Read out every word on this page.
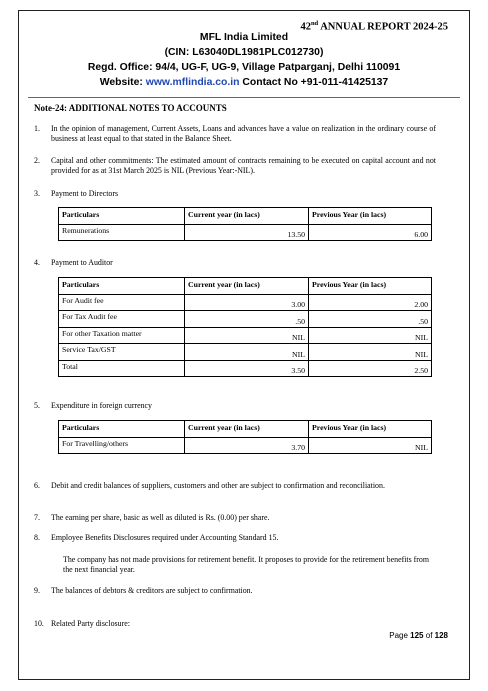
42nd ANNUAL REPORT 2024-25
MFL India Limited
(CIN: L63040DL1981PLC012730)
Regd. Office: 94/4, UG-F, UG-9, Village Patparganj, Delhi 110091
Website: www.mflindia.co.in Contact No +91-011-41425137
Note-24: ADDITIONAL NOTES TO ACCOUNTS
1. In the opinion of management, Current Assets, Loans and advances have a value on realization in the ordinary course of business at least equal to that stated in the Balance Sheet.
2. Capital and other commitments: The estimated amount of contracts remaining to be executed on capital account and not provided for as at 31st March 2025 is NIL (Previous Year:-NIL).
3. Payment to Directors
Particulars	Current year (in lacs)	Previous Year (in lacs)
Remunerations	13.50	6.00
4. Payment to Auditor
Particulars	Current year (in lacs)	Previous Year (in lacs)
For Audit fee	3.00	2.00
For Tax Audit fee	.50	.50
For other Taxation matter	NIL	NIL
Service Tax/GST	NIL	NIL
Total	3.50	2.50
5. Expenditure in foreign currency
Particulars	Current year (in lacs)	Previous Year (in lacs)
For Travelling/others	3.70	NIL
6. Debit and credit balances of suppliers, customers and other are subject to confirmation and reconciliation.
7. The earning per share, basic as well as diluted is Rs. (0.00) per share.
8. Employee Benefits Disclosures required under Accounting Standard 15.
The company has not made provisions for retirement benefit. It proposes to provide for the retirement benefits from the next financial year.
9. The balances of debtors & creditors are subject to confirmation.
10. Related Party disclosure:
Page 125 of 128
